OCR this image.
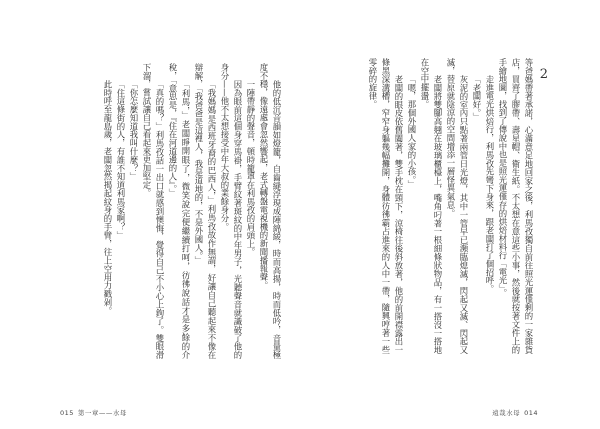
2

等爸媽帶著承諾，心滿意足地回家之後，利馬孜獨自前往照光運僅剩的一家雜貨店，買齊了膠帶、壽星帽、衛生紙。不太想在意這些小事，然後就按著文件上的手繪地圖，找到了傳說中也是照光運僅存的烘焙材料行「電光」。

走進電光烘焙行，利馬孜先彎下身來，跟老闆打了個招呼。

「老闆好。」

灰泥的室內只點著兩管日光燈，其中一管早已瀕臨熄滅，閃起又滅、閃起又滅，替原就陰涼的空間增添一層怪異氣息。

老闆將雙腳高翹在玻璃櫃檯上，嘴角叼著一根細條狀物品，有一搭沒一搭地在空中擺盪。

「嗯，那個外國人家的小孩。」

老闆的眼皮依舊闔著，雙手枕在頸下，涼椅往後斜放著，他的前開襟露出一條黑深溝槽，窄窄身軀幾幅攤開，身體彷彿霸占進來的人中一帶，隨興哼著一些零碎的旋律。

遠哉水母 014

他的低沉音韻如燈籠，自齒縫浮現成陣綿緩，時而高揚，時而低吟，音量極度不穩，像遠處會忽然響起，老式轉盤電視機的新聞播報聲。

一陣帶靜的聲音，頓時籠罩在利馬孜的肩頭上。

因為眼前這個身穿馬褂，手臂紋著斑紋的中年男子，光聽聲音就識破了他的身分——他不太想接受中年大叔的業餘身分。

「我媽媽是西班牙裔的巴西人，」利馬孜故作無謂，好讓自己聽起來不像在辯解，「我爸爸是這裡人，我是道地的，不是外國人。」

「利馬，」老闆睜開眼了，微笑說完便繼續打呵，彷彿說話才是多餘的介稅，「意思是，『住在河道邊的人』。」

「真的嗎？」利馬孜話一出口就感到懊悔，覺得自己不小心上鉤了。雙眼滑下溜，嘗試讓自己看起來更加堅定。

「你怎麼知道我叫什麼？」

「住這條街的人，有誰不知道利馬家啊？」

此時呼至龍島歲，老闆忽然揭起紋身的手臂，往上空用力戳剁。

015 第一章——水母
